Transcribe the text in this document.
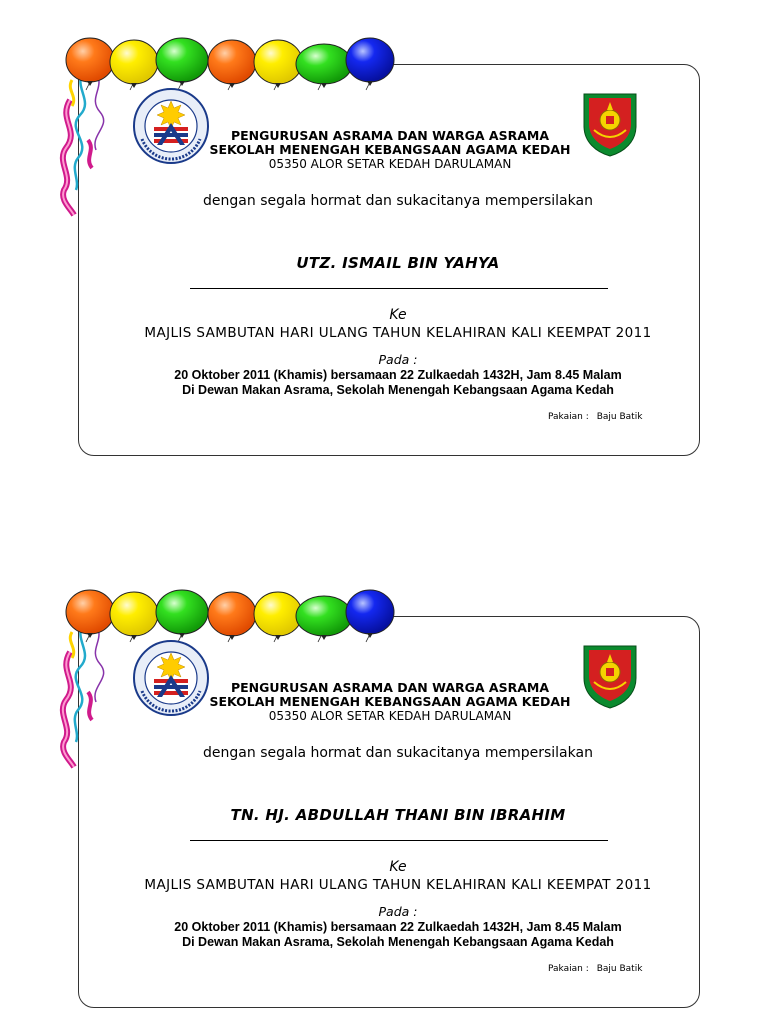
PENGURUSAN ASRAMA DAN WARGA ASRAMA
SEKOLAH MENENGAH KEBANGSAAN AGAMA KEDAH
05350 ALOR SETAR KEDAH DARULAMAN
dengan segala hormat dan sukacitanya mempersilakan
UTZ. ISMAIL BIN YAHYA
Ke
MAJLIS SAMBUTAN HARI ULANG TAHUN KELAHIRAN KALI KEEMPAT 2011
Pada :
20 Oktober 2011 (Khamis) bersamaan 22 Zulkaedah 1432H, Jam 8.45 Malam
Di Dewan Makan Asrama, Sekolah Menengah Kebangsaan Agama Kedah
Pakaian : Baju Batik
PENGURUSAN ASRAMA DAN WARGA ASRAMA
SEKOLAH MENENGAH KEBANGSAAN AGAMA KEDAH
05350 ALOR SETAR KEDAH DARULAMAN
dengan segala hormat dan sukacitanya mempersilakan
TN. HJ. ABDULLAH THANI BIN IBRAHIM
Ke
MAJLIS SAMBUTAN HARI ULANG TAHUN KELAHIRAN KALI KEEMPAT 2011
Pada :
20 Oktober 2011 (Khamis) bersamaan 22 Zulkaedah 1432H, Jam 8.45 Malam
Di Dewan Makan Asrama, Sekolah Menengah Kebangsaan Agama Kedah
Pakaian : Baju Batik
